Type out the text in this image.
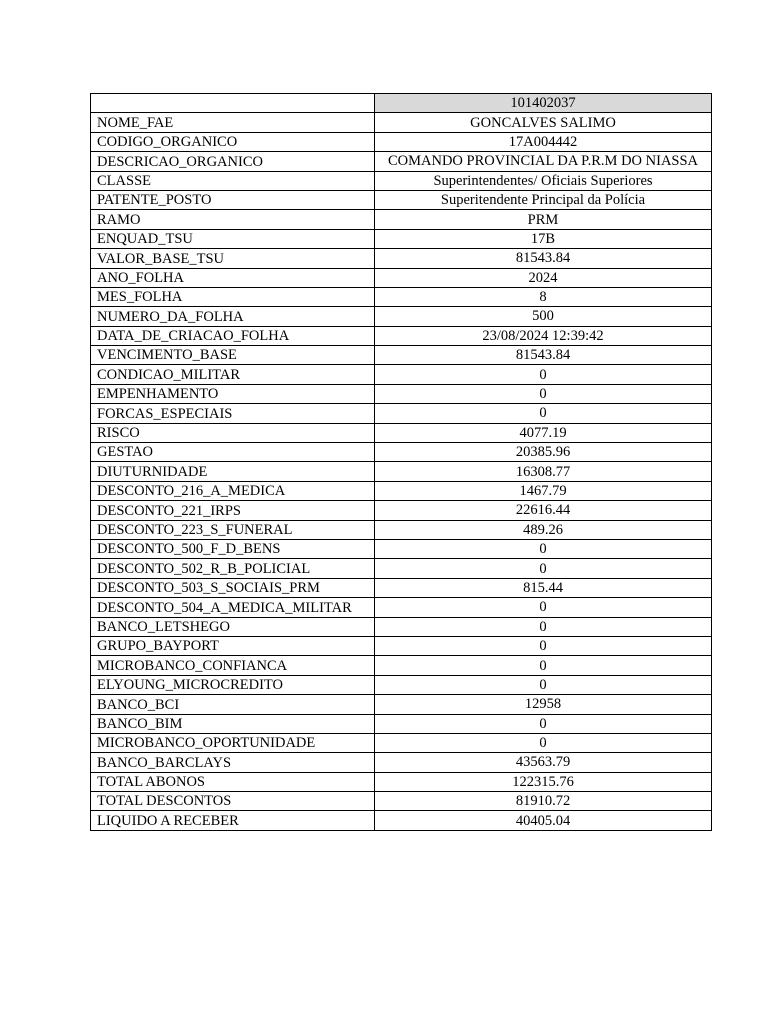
	101402037
NOME_FAE	GONCALVES SALIMO
CODIGO_ORGANICO	17A004442
DESCRICAO_ORGANICO	COMANDO PROVINCIAL DA P.R.M DO NIASSA
CLASSE	Superintendentes/ Oficiais Superiores
PATENTE_POSTO	Superitendente Principal da Polícia
RAMO	PRM
ENQUAD_TSU	17B
VALOR_BASE_TSU	81543.84
ANO_FOLHA	2024
MES_FOLHA	8
NUMERO_DA_FOLHA	500
DATA_DE_CRIACAO_FOLHA	23/08/2024 12:39:42
VENCIMENTO_BASE	81543.84
CONDICAO_MILITAR	0
EMPENHAMENTO	0
FORCAS_ESPECIAIS	0
RISCO	4077.19
GESTAO	20385.96
DIUTURNIDADE	16308.77
DESCONTO_216_A_MEDICA	1467.79
DESCONTO_221_IRPS	22616.44
DESCONTO_223_S_FUNERAL	489.26
DESCONTO_500_F_D_BENS	0
DESCONTO_502_R_B_POLICIAL	0
DESCONTO_503_S_SOCIAIS_PRM	815.44
DESCONTO_504_A_MEDICA_MILITAR	0
BANCO_LETSHEGO	0
GRUPO_BAYPORT	0
MICROBANCO_CONFIANCA	0
ELYOUNG_MICROCREDITO	0
BANCO_BCI	12958
BANCO_BIM	0
MICROBANCO_OPORTUNIDADE	0
BANCO_BARCLAYS	43563.79
TOTAL ABONOS	122315.76
TOTAL DESCONTOS	81910.72
LIQUIDO A RECEBER	40405.04
